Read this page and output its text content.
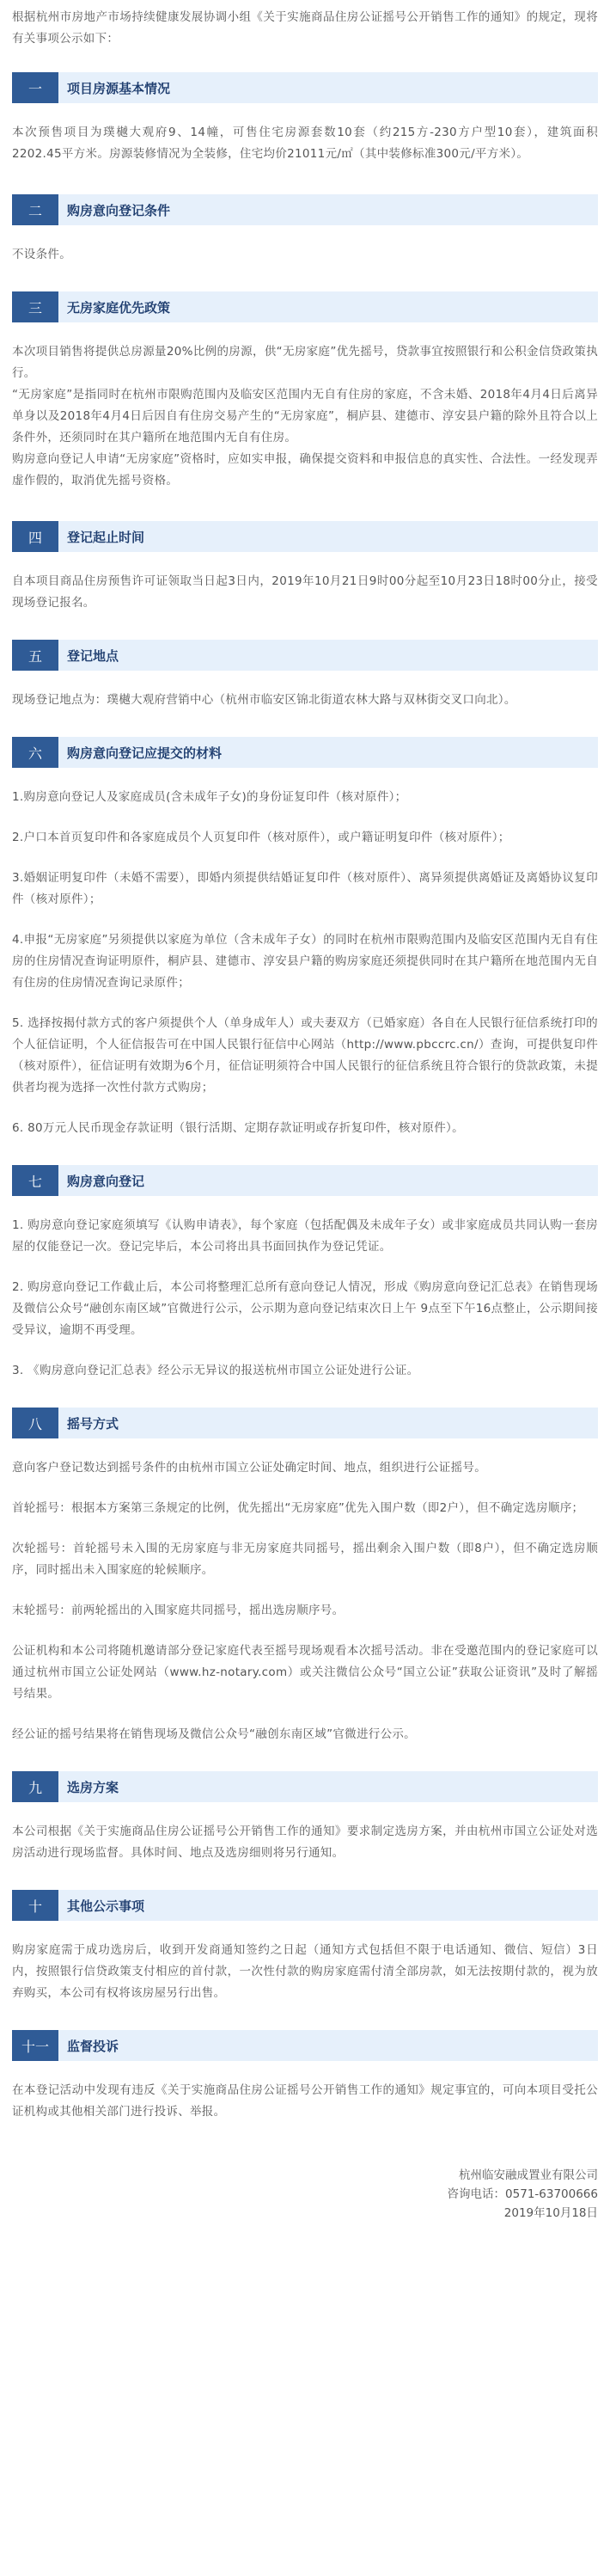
根据杭州市房地产市场持续健康发展协调小组《关于实施商品住房公证摇号公开销售工作的通知》的规定，现将有关事项公示如下：

一	项目房源基本情况

本次预售项目为璞樾大观府9、14幢，可售住宅房源套数10套（约215方-230方户型10套），建筑面积2202.45平方米。房源装修情况为全装修，住宅均价21011元/㎡（其中装修标准300元/平方米）。

二	购房意向登记条件

不设条件。

三	无房家庭优先政策

本次项目销售将提供总房源量20%比例的房源，供“无房家庭”优先摇号，贷款事宜按照银行和公积金信贷政策执行。

“无房家庭”是指同时在杭州市限购范围内及临安区范围内无自有住房的家庭，不含未婚、2018年4月4日后离异单身以及2018年4月4日后因自有住房交易产生的“无房家庭”，桐庐县、建德市、淳安县户籍的除外且符合以上条件外，还须同时在其户籍所在地范围内无自有住房。

购房意向登记人申请“无房家庭”资格时，应如实申报，确保提交资料和申报信息的真实性、合法性。一经发现弄虚作假的，取消优先摇号资格。

四	登记起止时间

自本项目商品住房预售许可证领取当日起3日内，2019年10月21日9时00分起至10月23日18时00分止，接受现场登记报名。

五	登记地点

现场登记地点为：璞樾大观府营销中心（杭州市临安区锦北街道农林大路与双林街交叉口向北）。

六	购房意向登记应提交的材料

1.购房意向登记人及家庭成员(含未成年子女)的身份证复印件（核对原件）；

2.户口本首页复印件和各家庭成员个人页复印件（核对原件），或户籍证明复印件（核对原件）；

3.婚姻证明复印件（未婚不需要），即婚内须提供结婚证复印件（核对原件）、离异须提供离婚证及离婚协议复印件（核对原件）；

4.申报“无房家庭”另须提供以家庭为单位（含未成年子女）的同时在杭州市限购范围内及临安区范围内无自有住房的住房情况查询证明原件，桐庐县、建德市、淳安县户籍的购房家庭还须提供同时在其户籍所在地范围内无自有住房的住房情况查询记录原件；

5. 选择按揭付款方式的客户须提供个人（单身成年人）或夫妻双方（已婚家庭）各自在人民银行征信系统打印的个人征信证明，个人征信报告可在中国人民银行征信中心网站（http://www.pbccrc.cn/）查询，可提供复印件（核对原件），征信证明有效期为6个月，征信证明须符合中国人民银行的征信系统且符合银行的贷款政策，未提供者均视为选择一次性付款方式购房；

6. 80万元人民币现金存款证明（银行活期、定期存款证明或存折复印件，核对原件）。

七	购房意向登记

1. 购房意向登记家庭须填写《认购申请表》，每个家庭（包括配偶及未成年子女）或非家庭成员共同认购一套房屋的仅能登记一次。登记完毕后，本公司将出具书面回执作为登记凭证。

2. 购房意向登记工作截止后，本公司将整理汇总所有意向登记人情况，形成《购房意向登记汇总表》在销售现场及微信公众号“融创东南区域”官微进行公示，公示期为意向登记结束次日上午 9点至下午16点整止，公示期间接受异议，逾期不再受理。

3. 《购房意向登记汇总表》经公示无异议的报送杭州市国立公证处进行公证。

八	摇号方式

意向客户登记数达到摇号条件的由杭州市国立公证处确定时间、地点，组织进行公证摇号。

首轮摇号：根据本方案第三条规定的比例，优先摇出“无房家庭”优先入围户数（即2户），但不确定选房顺序；

次轮摇号：首轮摇号未入围的无房家庭与非无房家庭共同摇号，摇出剩余入围户数（即8户），但不确定选房顺序，同时摇出未入围家庭的轮候顺序。

末轮摇号：前两轮摇出的入围家庭共同摇号，摇出选房顺序号。

公证机构和本公司将随机邀请部分登记家庭代表至摇号现场观看本次摇号活动。非在受邀范围内的登记家庭可以通过杭州市国立公证处网站（www.hz-notary.com）或关注微信公众号“国立公证”获取公证资讯”及时了解摇号结果。

经公证的摇号结果将在销售现场及微信公众号“融创东南区域”官微进行公示。

九	选房方案

本公司根据《关于实施商品住房公证摇号公开销售工作的通知》要求制定选房方案，并由杭州市国立公证处对选房活动进行现场监督。具体时间、地点及选房细则将另行通知。

十	其他公示事项

购房家庭需于成功选房后，收到开发商通知签约之日起（通知方式包括但不限于电话通知、微信、短信）3日内，按照银行信贷政策支付相应的首付款，一次性付款的购房家庭需付清全部房款，如无法按期付款的，视为放弃购买，本公司有权将该房屋另行出售。

十一	监督投诉

在本登记活动中发现有违反《关于实施商品住房公证摇号公开销售工作的通知》规定事宜的，可向本项目受托公证机构或其他相关部门进行投诉、举报。

杭州临安融成置业有限公司

咨询电话：0571-63700666

2019年10月18日
